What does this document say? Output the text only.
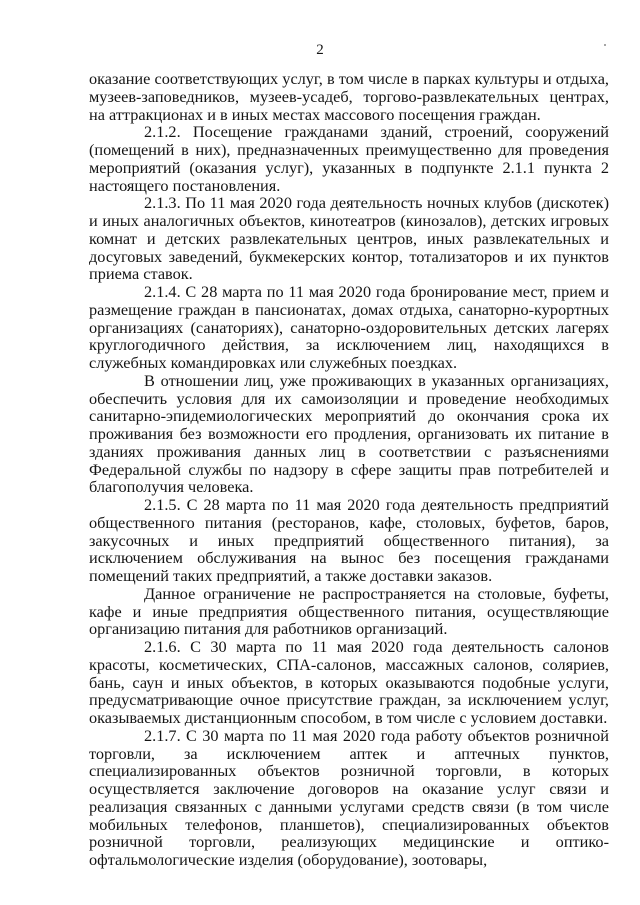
2

оказание соответствующих услуг, в том числе в парках культуры и отдыха, музеев-заповедников, музеев-усадеб, торгово-развлекательных центрах, на аттракционах и в иных местах массового посещения граждан.

2.1.2. Посещение гражданами зданий, строений, сооружений (помещений в них), предназначенных преимущественно для проведения мероприятий (оказания услуг), указанных в подпункте 2.1.1 пункта 2 настоящего постановления.

2.1.3. По 11 мая 2020 года деятельность ночных клубов (дискотек) и иных аналогичных объектов, кинотеатров (кинозалов), детских игровых комнат и детских развлекательных центров, иных развлекательных и досуговых заведений, букмекерских контор, тотализаторов и их пунктов приема ставок.

2.1.4. С 28 марта по 11 мая 2020 года бронирование мест, прием и размещение граждан в пансионатах, домах отдыха, санаторно-курортных организациях (санаториях), санаторно-оздоровительных детских лагерях круглогодичного действия, за исключением лиц, находящихся в служебных командировках или служебных поездках.

В отношении лиц, уже проживающих в указанных организациях, обеспечить условия для их самоизоляции и проведение необходимых санитарно-эпидемиологических мероприятий до окончания срока их проживания без возможности его продления, организовать их питание в зданиях проживания данных лиц в соответствии с разъяснениями Федеральной службы по надзору в сфере защиты прав потребителей и благополучия человека.

2.1.5. С 28 марта по 11 мая 2020 года деятельность предприятий общественного питания (ресторанов, кафе, столовых, буфетов, баров, закусочных и иных предприятий общественного питания), за исключением обслуживания на вынос без посещения гражданами помещений таких предприятий, а также доставки заказов.

Данное ограничение не распространяется на столовые, буфеты, кафе и иные предприятия общественного питания, осуществляющие организацию питания для работников организаций.

2.1.6. С 30 марта по 11 мая 2020 года деятельность салонов красоты, косметических, СПА-салонов, массажных салонов, соляриев, бань, саун и иных объектов, в которых оказываются подобные услуги, предусматривающие очное присутствие граждан, за исключением услуг, оказываемых дистанционным способом, в том числе с условием доставки.

2.1.7. С 30 марта по 11 мая 2020 года работу объектов розничной торговли, за исключением аптек и аптечных пунктов, специализированных объектов розничной торговли, в которых осуществляется заключение договоров на оказание услуг связи и реализация связанных с данными услугами средств связи (в том числе мобильных телефонов, планшетов), специализированных объектов розничной торговли, реализующих медицинские и оптико-офтальмологические изделия (оборудование), зоотовары,
